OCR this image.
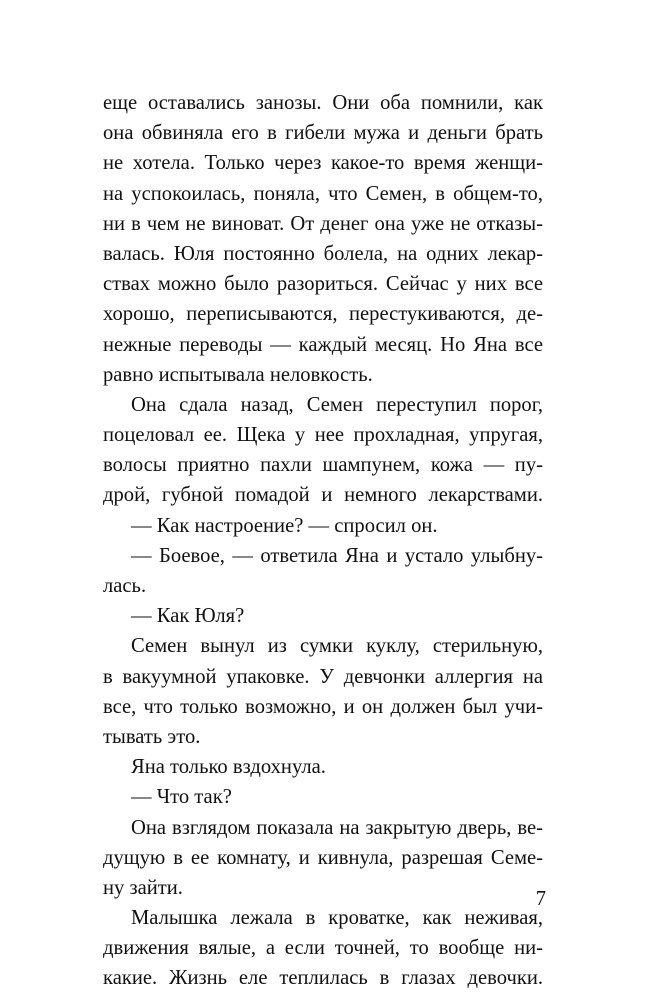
еще оставались занозы. Они оба помнили, как
она обвиняла его в гибели мужа и деньги брать
не хотела. Только через какое-то время женщи-
на успокоилась, поняла, что Семен, в общем-то,
ни в чем не виноват. От денег она уже не отказы-
валась. Юля постоянно болела, на одних лекар-
ствах можно было разориться. Сейчас у них все
хорошо, переписываются, перестукиваются, де-
нежные переводы — каждый месяц. Но Яна все
равно испытывала неловкость.
Она сдала назад, Семен переступил порог,
поцеловал ее. Щека у нее прохладная, упругая,
волосы приятно пахли шампунем, кожа — пу-
дрой, губной помадой и немного лекарствами.
— Как настроение? — спросил он.
— Боевое, — ответила Яна и устало улыбну-
лась.
— Как Юля?
Семен вынул из сумки куклу, стерильную,
в вакуумной упаковке. У девчонки аллергия на
все, что только возможно, и он должен был учи-
тывать это.
Яна только вздохнула.
— Что так?
Она взглядом показала на закрытую дверь, ве-
дущую в ее комнату, и кивнула, разрешая Семе-
ну зайти.
Малышка лежала в кроватке, как неживая,
движения вялые, а если точней, то вообще ни-
какие. Жизнь еле теплилась в глазах девочки.
7
